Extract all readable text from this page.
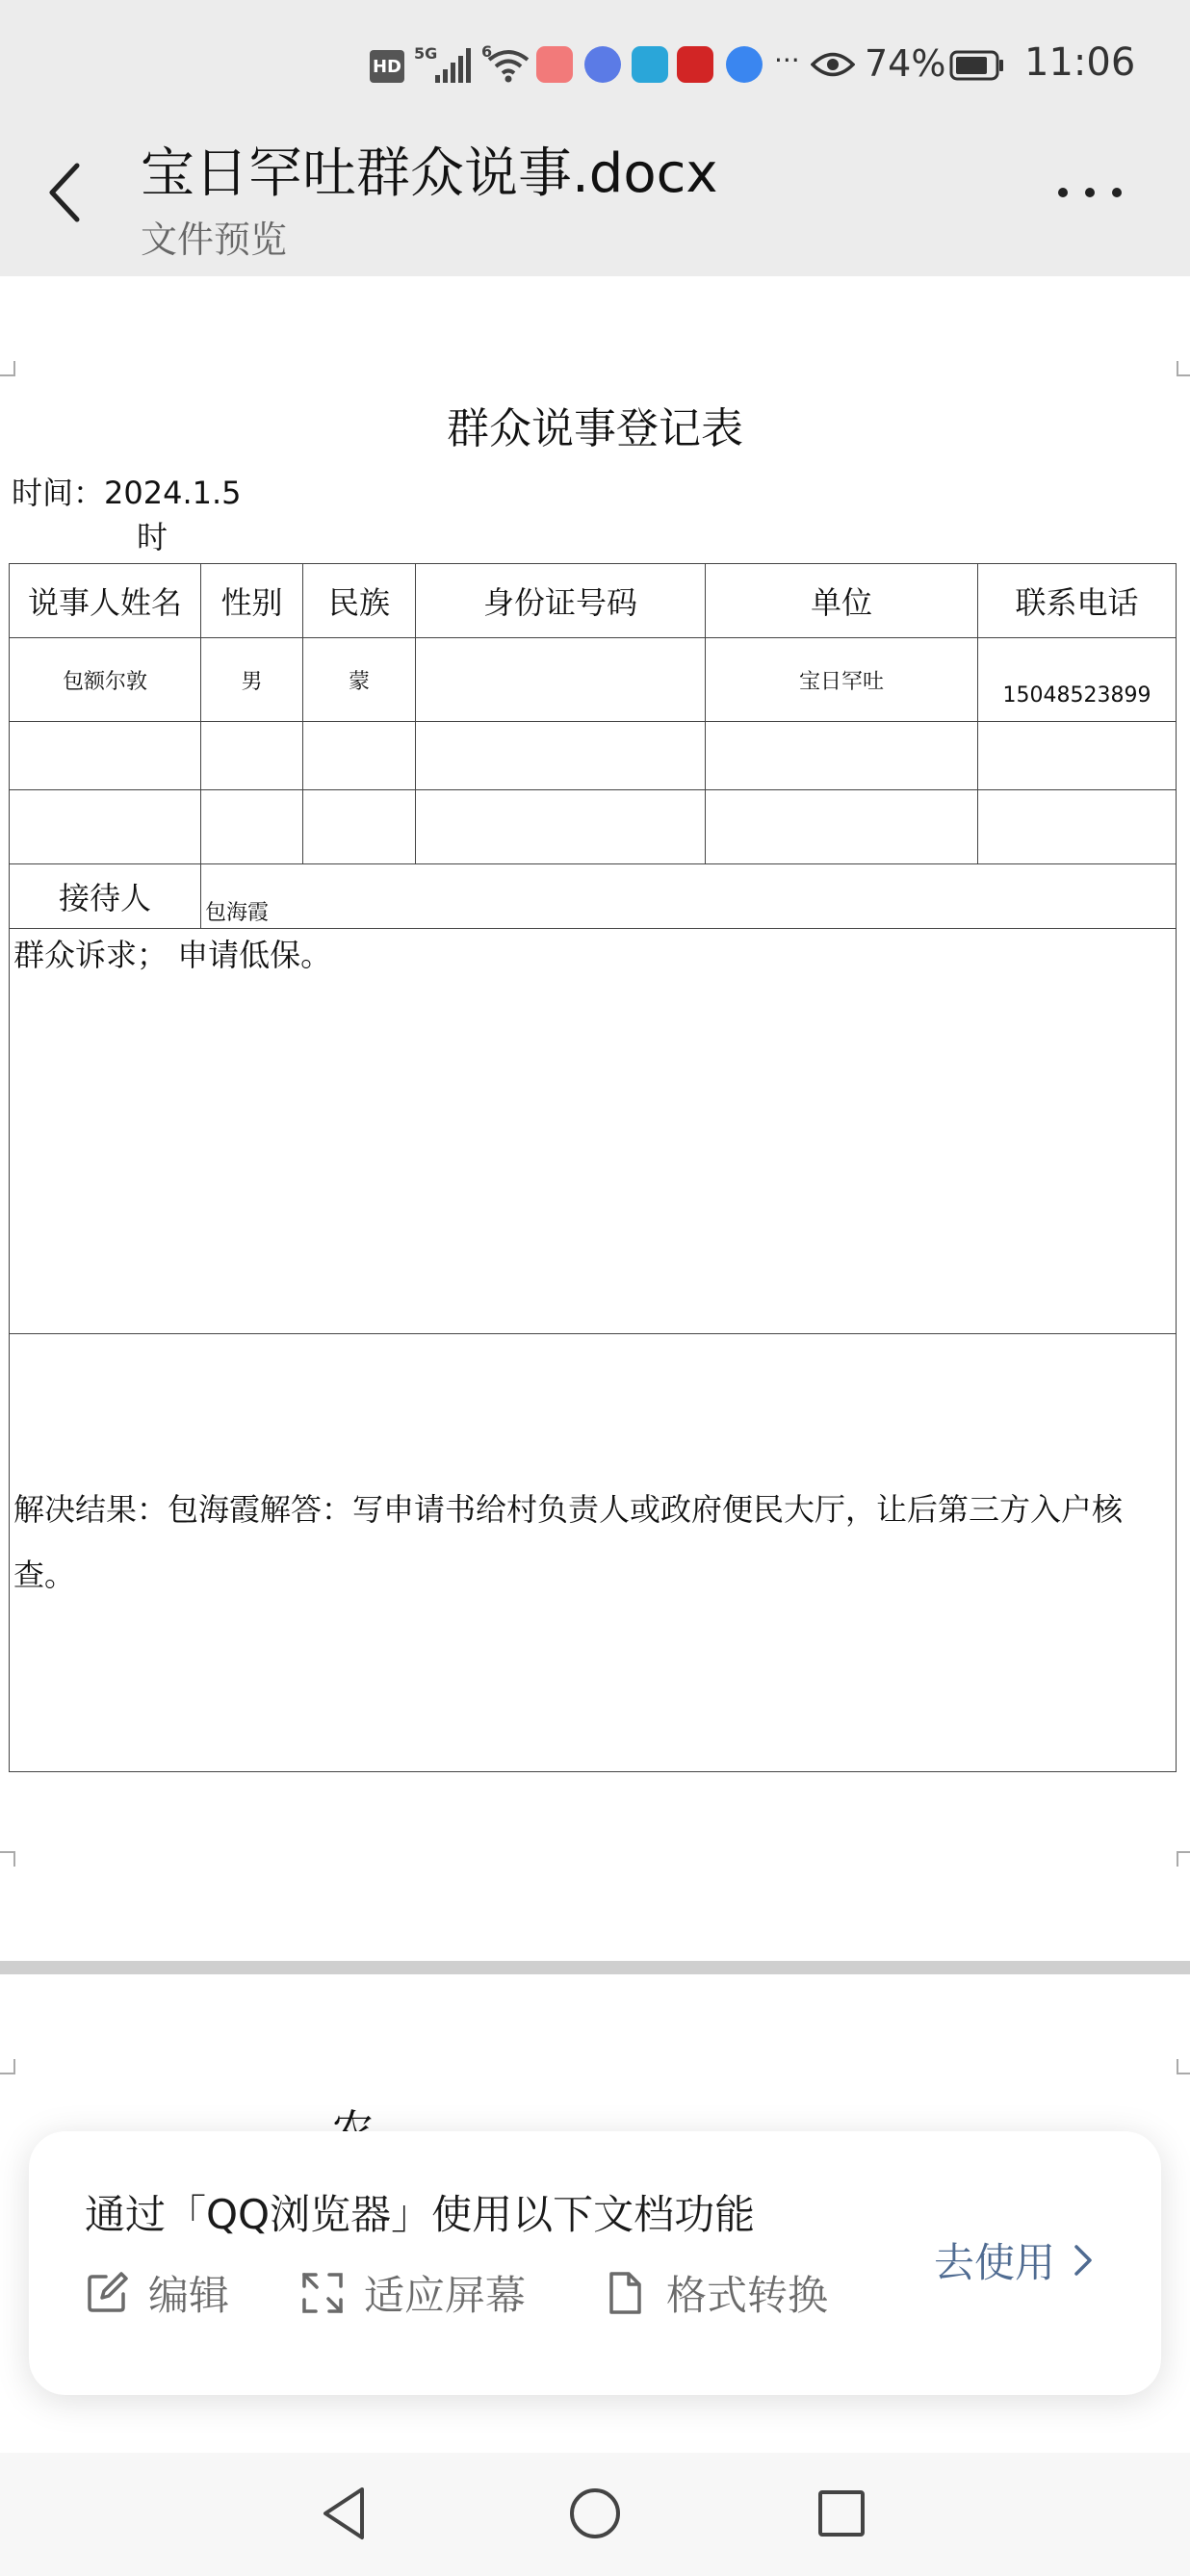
HD
5G	6	··· 74% 11:06
宝日罕吐群众说事.docx
文件预览
群众说事登记表
时间：2024.1.5
时
说事人姓名	性别	民族	身份证号码	单位	联系电话
包额尔敦	男	蒙		宝日罕吐	15048523899

接待人	包海霞				

群众诉求； 申请低保。					

解决结果：包海霞解答：写申请书给村负责人或政府便民大厅，让后第三方入户核查。					
通过「QQ浏览器」使用以下文档功能
编辑	适应屏幕	格式转换
去使用
